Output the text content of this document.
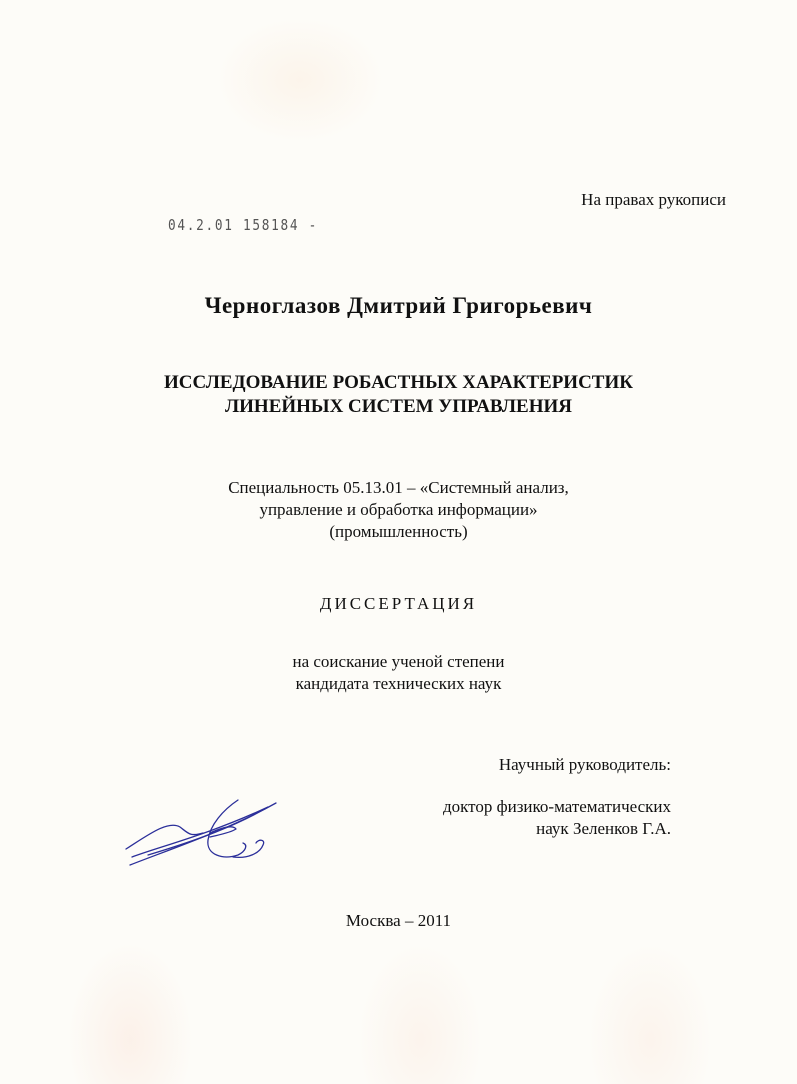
На правах рукописи
04.2.01 158184 -
Черноглазов Дмитрий Григорьевич
ИССЛЕДОВАНИЕ РОБАСТНЫХ ХАРАКТЕРИСТИК
ЛИНЕЙНЫХ СИСТЕМ УПРАВЛЕНИЯ
Специальность 05.13.01 – «Системный анализ,
управление и обработка информации»
(промышленность)
ДИССЕРТАЦИЯ
на соискание ученой степени
кандидата технических наук
Научный руководитель:
доктор физико-математических
наук Зеленков Г.А.
Москва – 2011
